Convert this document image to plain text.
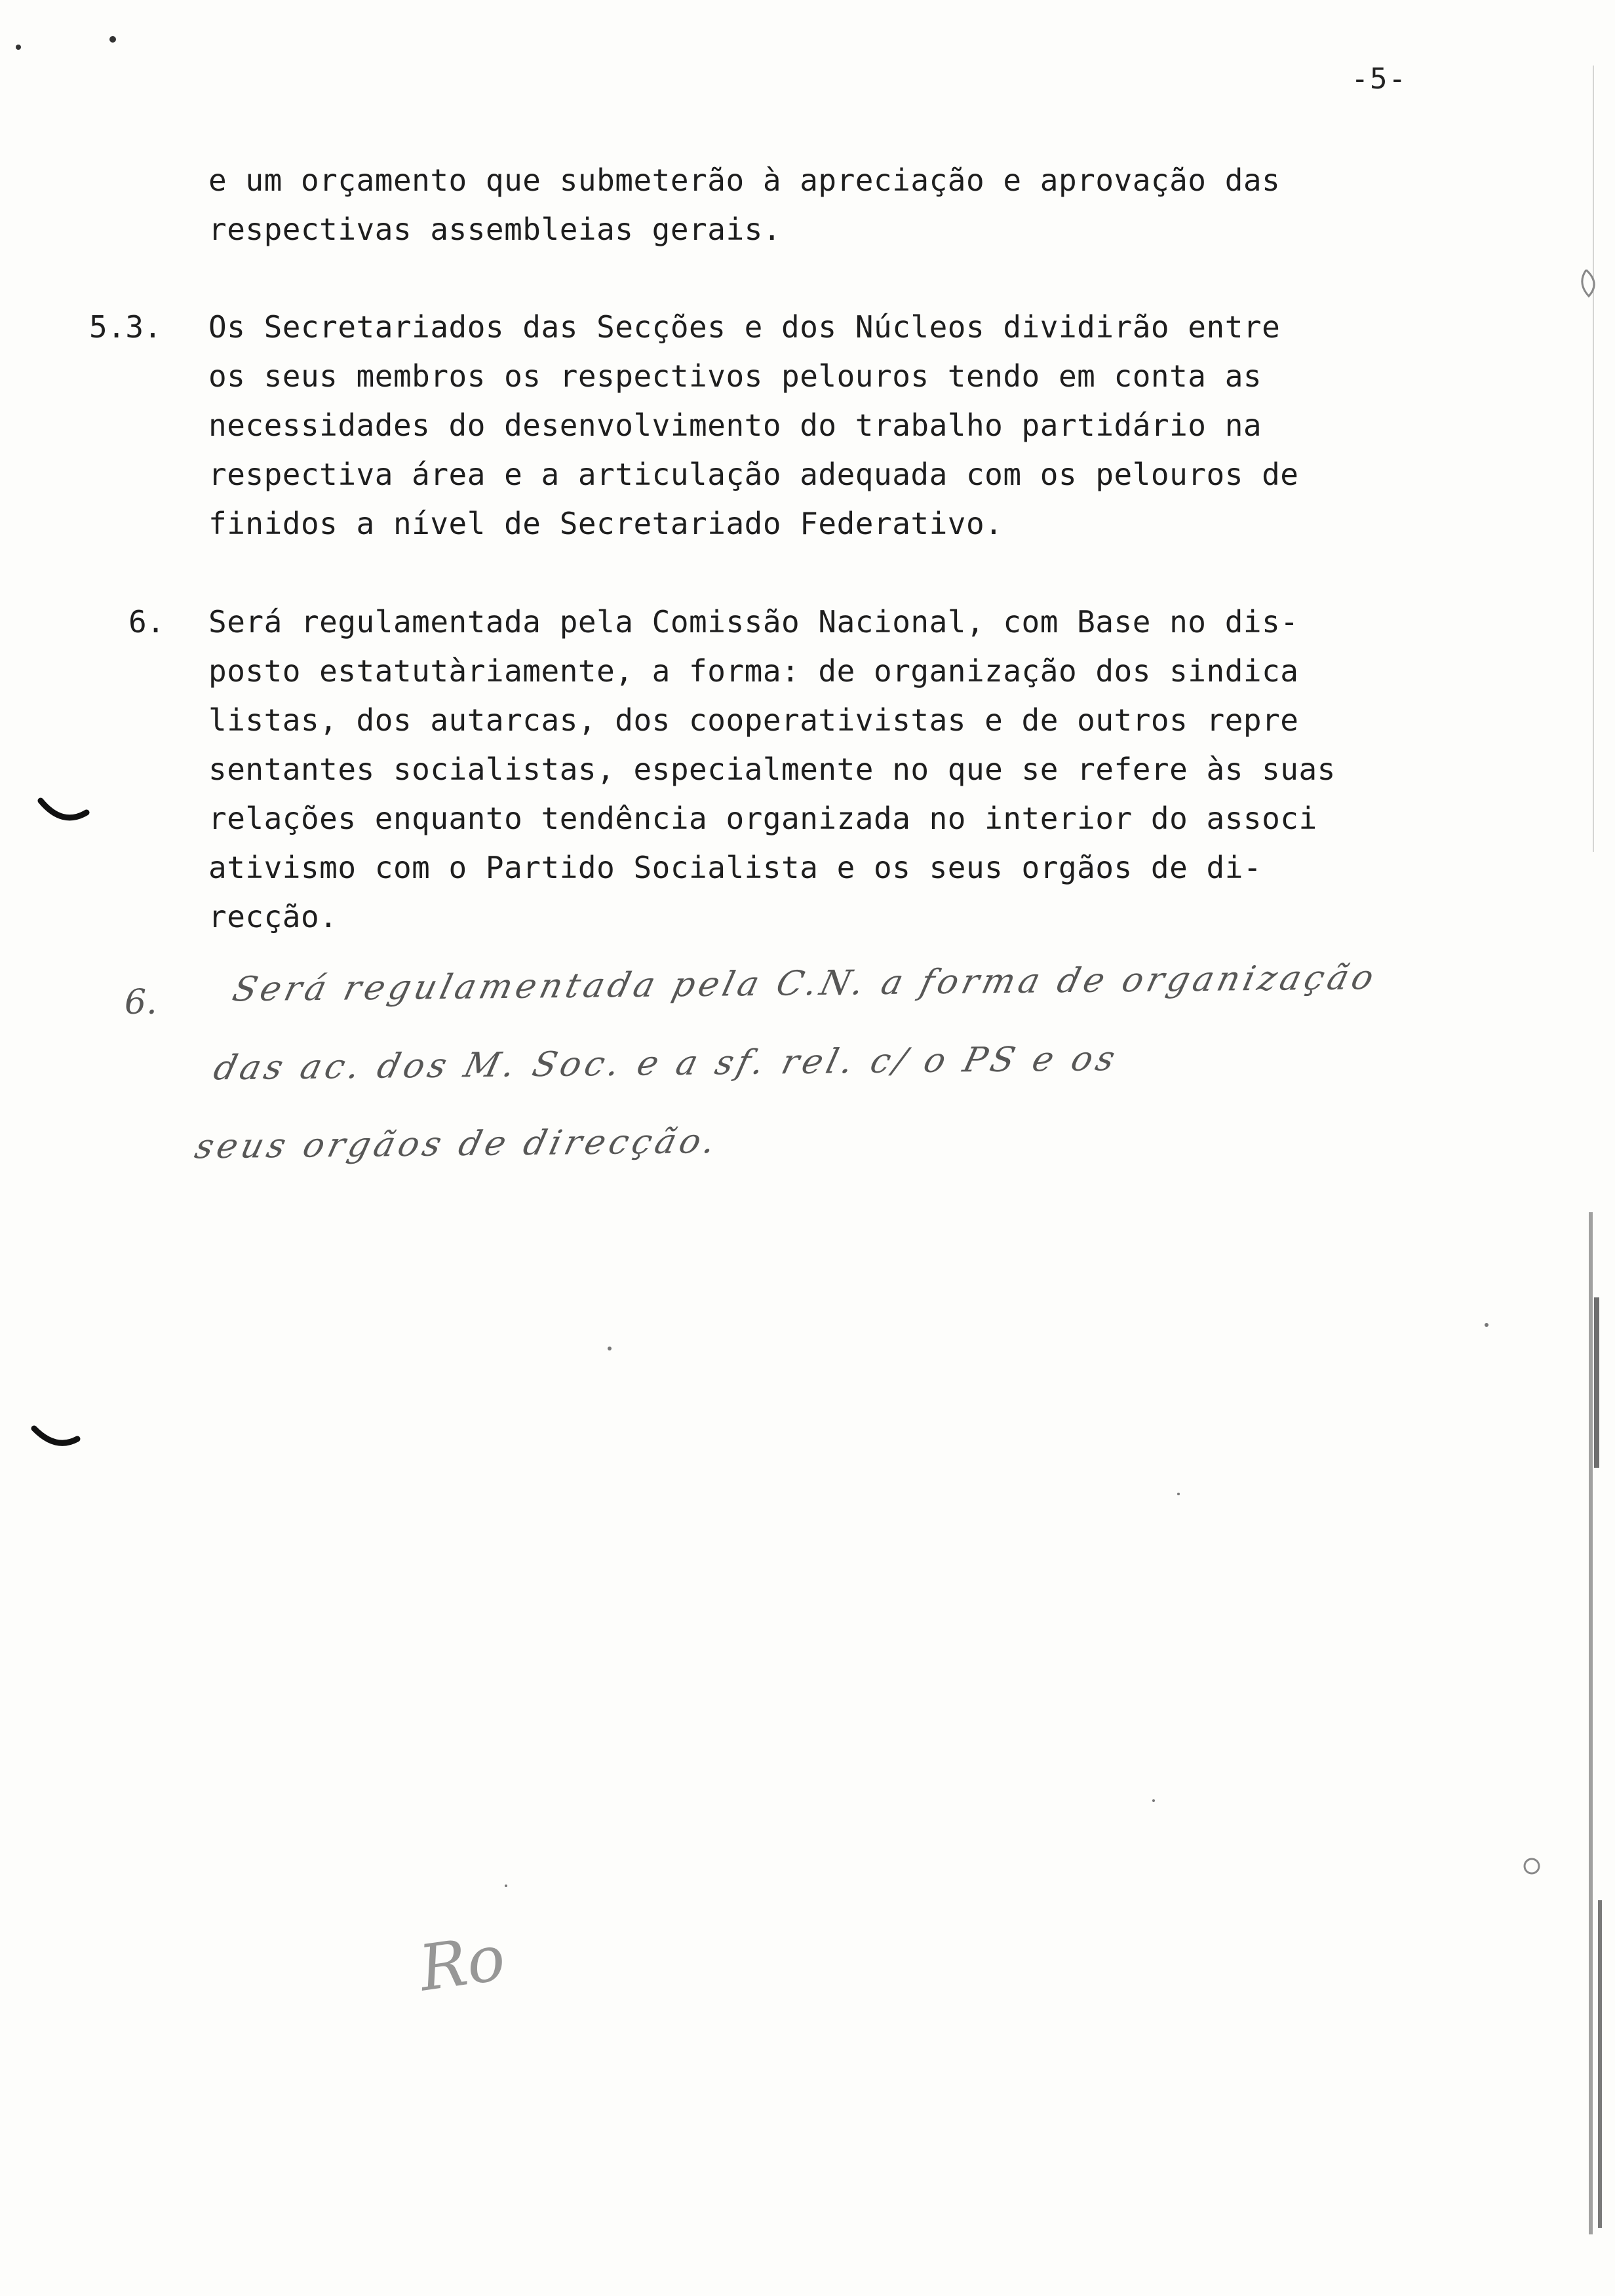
-5-
e um orçamento que submeterão à apreciação e aprovação das
respectivas assembleias gerais.
5.3. Os Secretariados das Secções e dos Núcleos dividirão entre
os seus membros os respectivos pelouros tendo em conta as
necessidades do desenvolvimento do trabalho partidário na
respectiva área e a articulação adequada com os pelouros de
finidos a nível de Secretariado Federativo.
6. Será regulamentada pela Comissão Nacional, com Base no dis-
posto estatutàriamente, a forma: de organização dos sindica
listas, dos autarcas, dos cooperativistas e de outros repre
sentantes socialistas, especialmente no que se refere às suas
relações enquanto tendência organizada no interior do associ
ativismo com o Partido Socialista e os seus orgãos de di-
recção.
6. Será regulamentada pela C.N. a forma de organização
das ac. dos M. Soc. e a sf. rel. c/ o PS e os
seus orgãos de direcção.
Ro
